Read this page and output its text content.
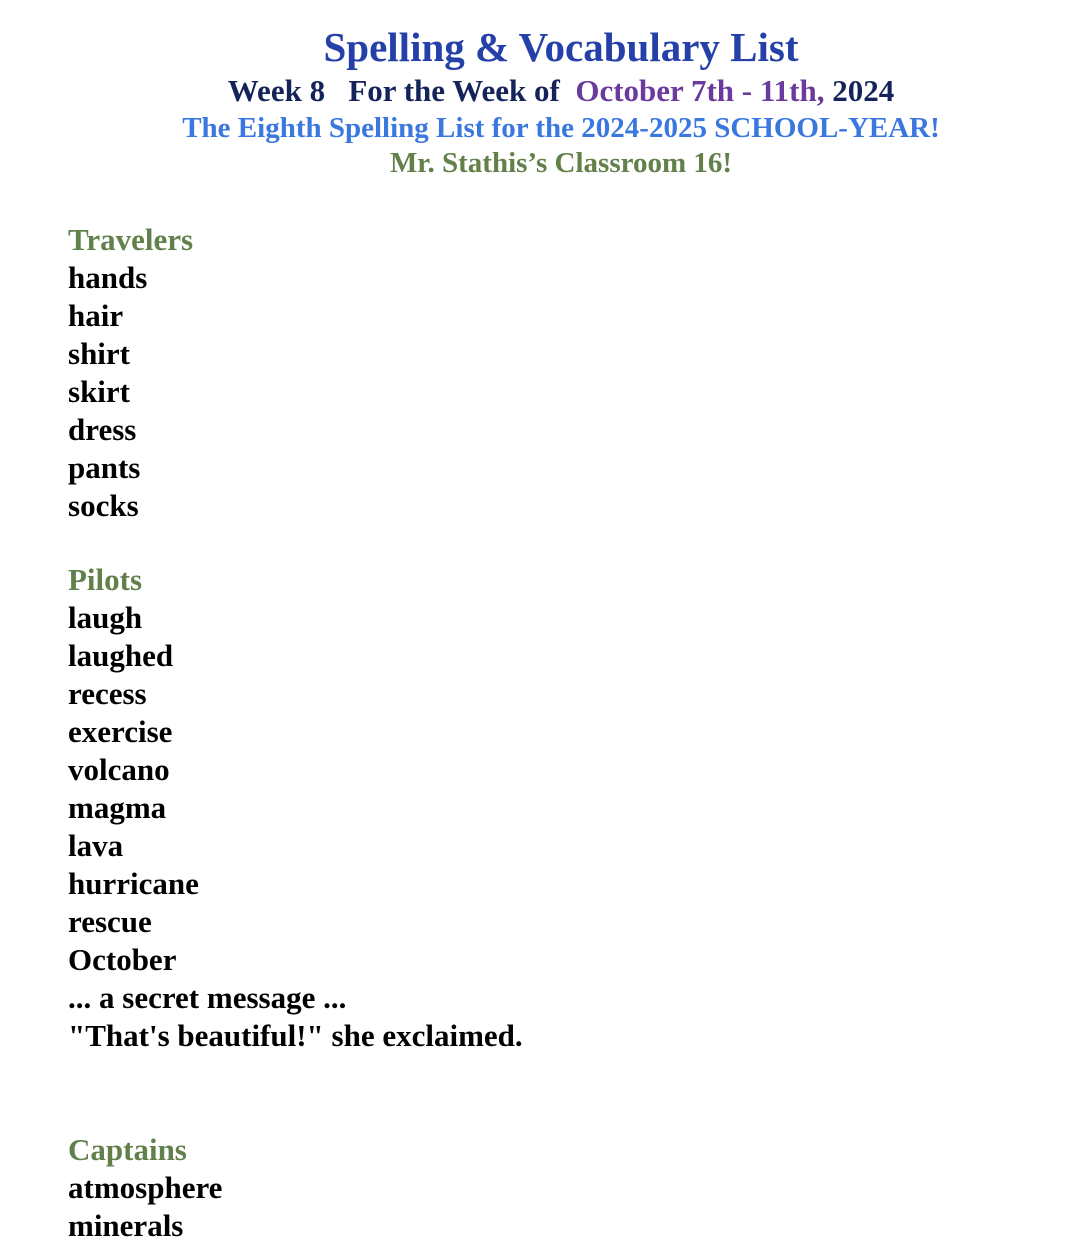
Spelling & Vocabulary List
Week 8   For the Week of  October 7th - 11th, 2024
The Eighth Spelling List for the 2024-2025 SCHOOL-YEAR!
Mr. Stathis’s Classroom 16!
Travelers
hands
hair
shirt
skirt
dress
pants
socks
Pilots
laugh
laughed
recess
exercise
volcano
magma
lava
hurricane
rescue
October
... a secret message ...
"That's beautiful!" she exclaimed.
Captains
atmosphere
minerals
